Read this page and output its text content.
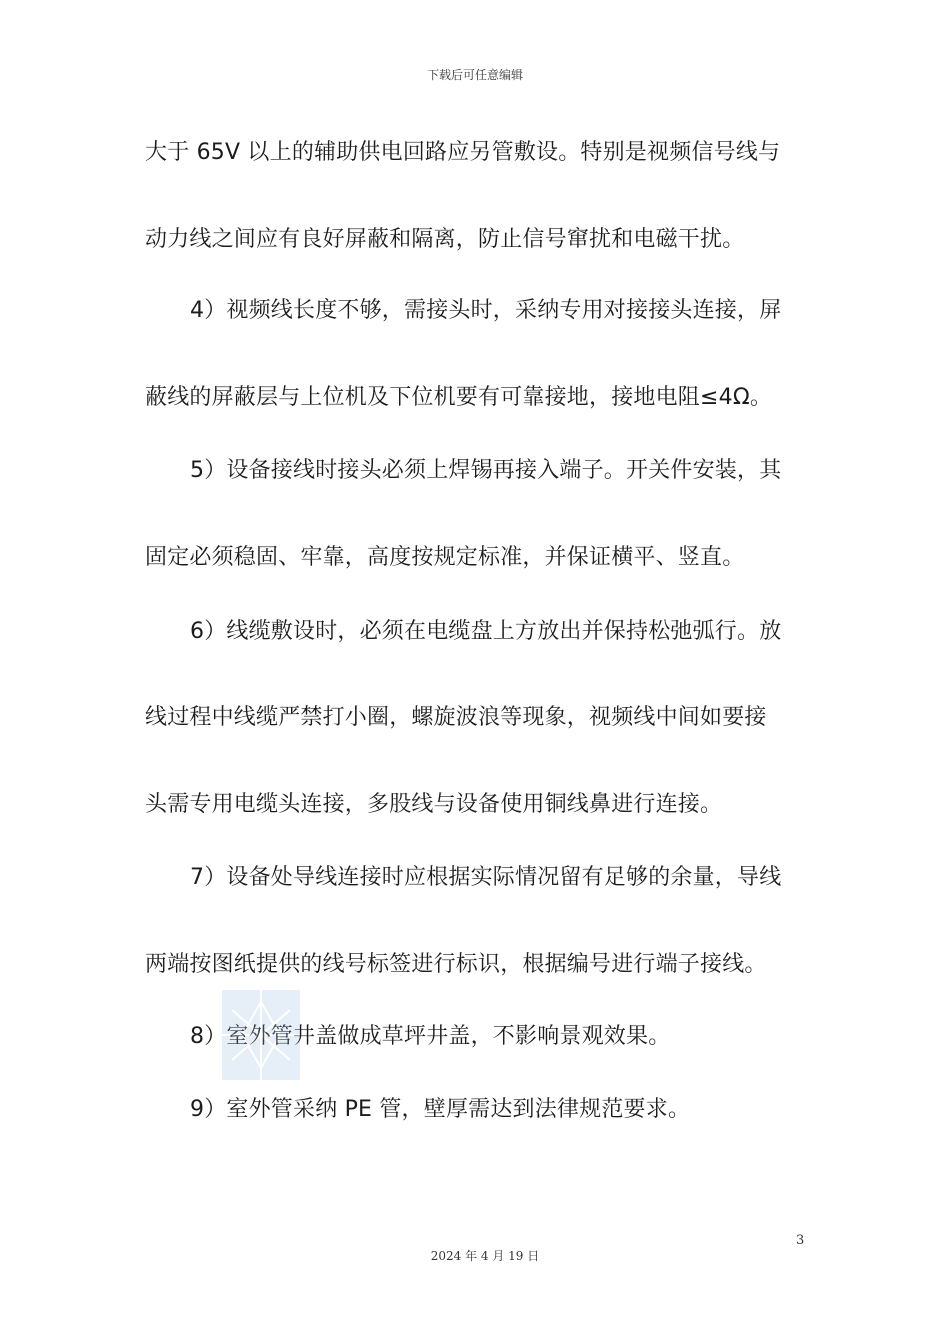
下载后可任意编辑
大于 65V 以上的辅助供电回路应另管敷设。特别是视频信号线与
动力线之间应有良好屏蔽和隔离，防止信号窜扰和电磁干扰。
4）视频线长度不够，需接头时，采纳专用对接接头连接，屏
蔽线的屏蔽层与上位机及下位机要有可靠接地，接地电阻≤4Ω。
5）设备接线时接头必须上焊锡再接入端子。开关件安装，其
固定必须稳固、牢靠，高度按规定标准，并保证横平、竖直。
6）线缆敷设时，必须在电缆盘上方放出并保持松弛弧行。放
线过程中线缆严禁打小圈，螺旋波浪等现象，视频线中间如要接
头需专用电缆头连接，多股线与设备使用铜线鼻进行连接。
7）设备处导线连接时应根据实际情况留有足够的余量，导线
两端按图纸提供的线号标签进行标识，根据编号进行端子接线。
8）室外管井盖做成草坪井盖，不影响景观效果。
9）室外管采纳 PE 管，壁厚需达到法律规范要求。
3
2024 年 4 月 19 日
